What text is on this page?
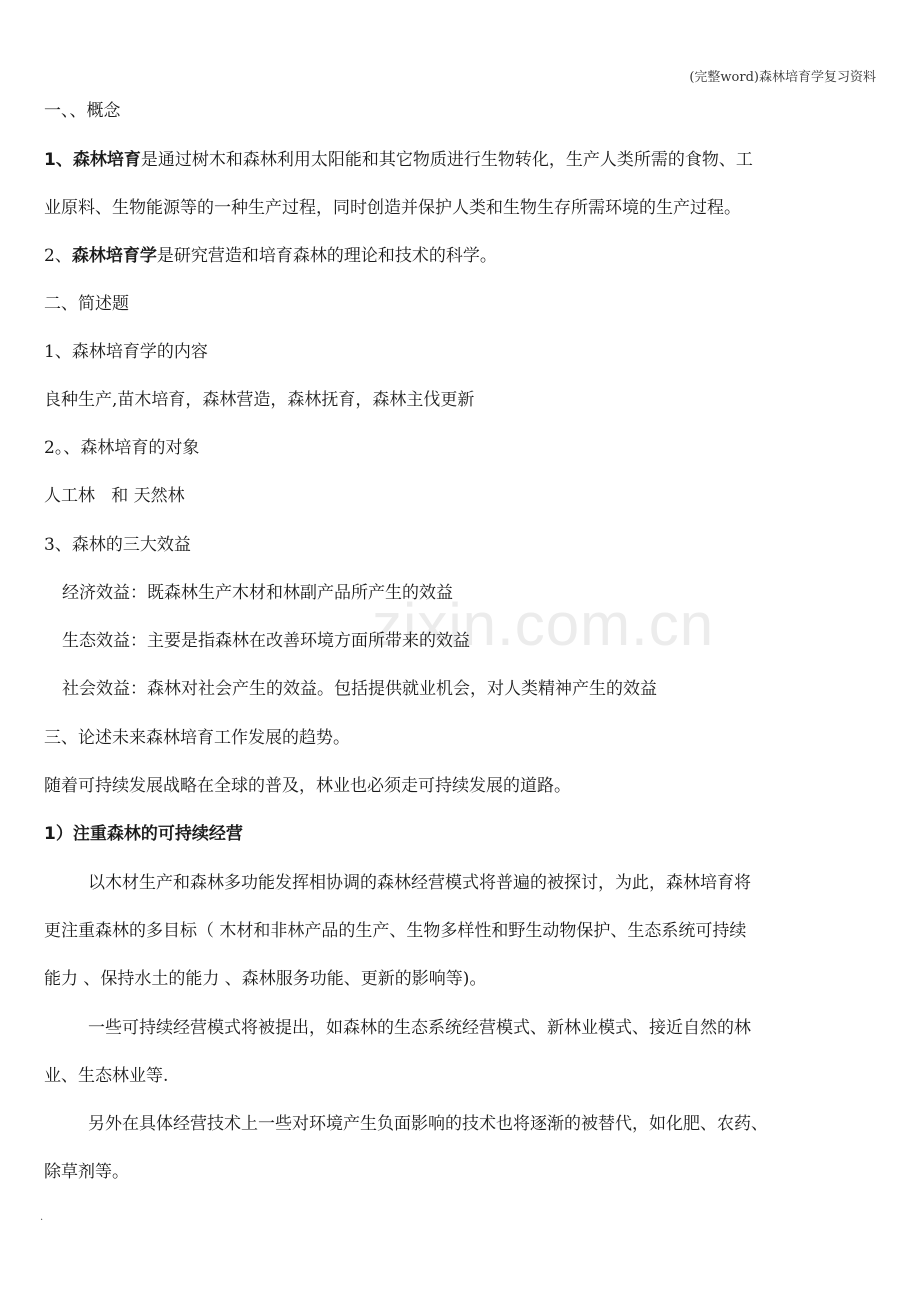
(完整word)森林培育学复习资料
zixin.com.cn
一、、概念
1、森林培育是通过树木和森林利用太阳能和其它物质进行生物转化，生产人类所需的食物、工
业原料、生物能源等的一种生产过程，同时创造并保护人类和生物生存所需环境的生产过程。
2、森林培育学是研究营造和培育森林的理论和技术的科学。
二、简述题
1、森林培育学的内容
良种生产,苗木培育，森林营造，森林抚育，森林主伐更新
2。、森林培育的对象
人工林   和 天然林
3、森林的三大效益
经济效益：既森林生产木材和林副产品所产生的效益
生态效益：主要是指森林在改善环境方面所带来的效益
社会效益：森林对社会产生的效益。包括提供就业机会，对人类精神产生的效益
三、论述未来森林培育工作发展的趋势。
随着可持续发展战略在全球的普及，林业也必须走可持续发展的道路。
1）注重森林的可持续经营
以木材生产和森林多功能发挥相协调的森林经营模式将普遍的被探讨，为此，森林培育将
更注重森林的多目标（ 木材和非林产品的生产、生物多样性和野生动物保护、生态系统可持续
能力 、保持水土的能力 、森林服务功能、更新的影响等)。
一些可持续经营模式将被提出，如森林的生态系统经营模式、新林业模式、接近自然的林
业、生态林业等.
另外在具体经营技术上一些对环境产生负面影响的技术也将逐渐的被替代，如化肥、农药、
除草剂等。
.
